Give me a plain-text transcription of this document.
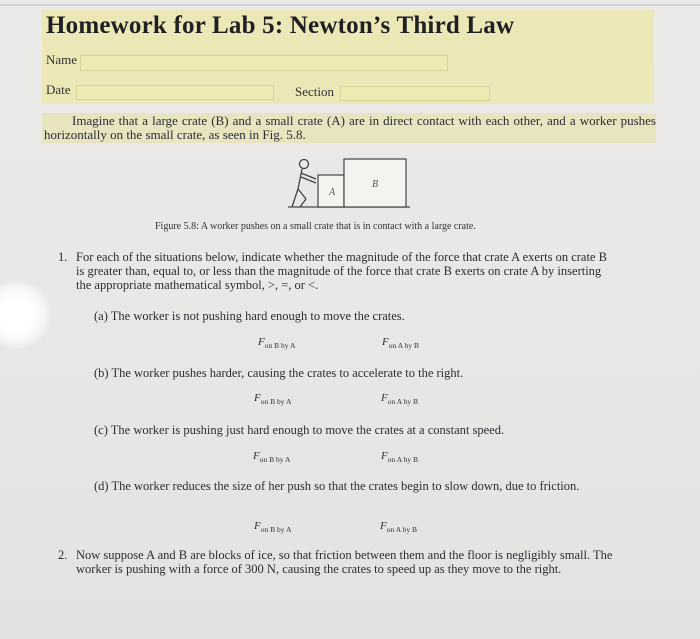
Homework for Lab 5: Newton’s Third Law
Name
Date	Section
Imagine that a large crate (B) and a small crate (A) are in direct contact with each other, and a worker pushes horizontally on the small crate, as seen in Fig. 5.8.
A
B
Figure 5.8: A worker pushes on a small crate that is in contact with a large crate.
1. For each of the situations below, indicate whether the magnitude of the force that crate A exerts on crate B is greater than, equal to, or less than the magnitude of the force that crate B exerts on crate A by inserting the appropriate mathematical symbol, >, =, or <.
(a) The worker is not pushing hard enough to move the crates.
$F_{on B by A}$	$F_{on A by B}$
(b) The worker pushes harder, causing the crates to accelerate to the right.
$F_{on B by A}$	$F_{on A by B}$
(c) The worker is pushing just hard enough to move the crates at a constant speed.
$F_{on B by A}$	$F_{on A by B}$
(d) The worker reduces the size of her push so that the crates begin to slow down, due to friction.
$F_{on B by A}$	$F_{on A by B}$
2. Now suppose A and B are blocks of ice, so that friction between them and the floor is negligibly small. The worker is pushing with a force of 300 N, causing the crates to speed up as they move to the right.
